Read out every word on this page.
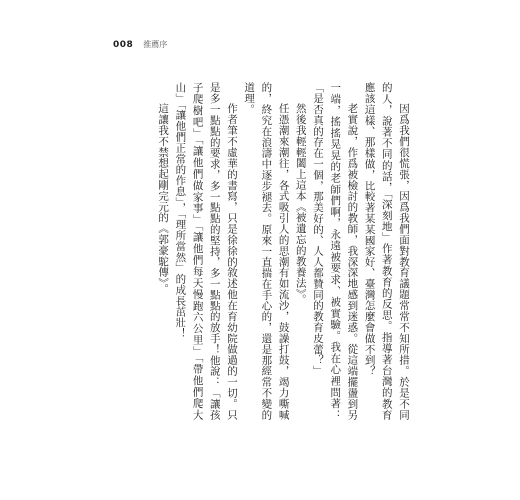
008 推薦序

因爲我們很慌張，因爲我們面對教育議題常常不知所措。於是不同的人，說著不同的話，「深刻地」作著教育的反思。指導著台灣的教育應該這樣、那樣做，比較著某某國家好、臺灣怎麼會做不到？

老實說，作爲被檢討的教師，我深深地感到迷惑。從這端擺盪到另一端，搖搖晃晃的老師們啊，永遠被要求、被實驗。我在心裡問著：「是否真的存在一個，那美好的、人人都贊同的教育皮蕾？」

然後我輕輕闔上這本《被遺忘的教養法》。

任憑潮來潮往，各式吸引人的思潮有如流沙，鼓譟打鼓，竭力嘶喊的，終究在浪濤中逐步褪去。原來一直揣在手心的，還是那經常不變的道理。

作者筆不虛華的書寫，只是徐徐的敘述他在育幼院做過的一切。只是多一點點的要求，多一點點的堅持，多一點點的放手！他說：「讓孩子爬樹吧」「讓他們做家事」「讓他們每天慢跑六公里」「帶他們爬大山」「讓他們正常的作息」，「理所當然」的成長茁壯！

這讓我不禁想起剛完元的《郭豪駝傳》。
